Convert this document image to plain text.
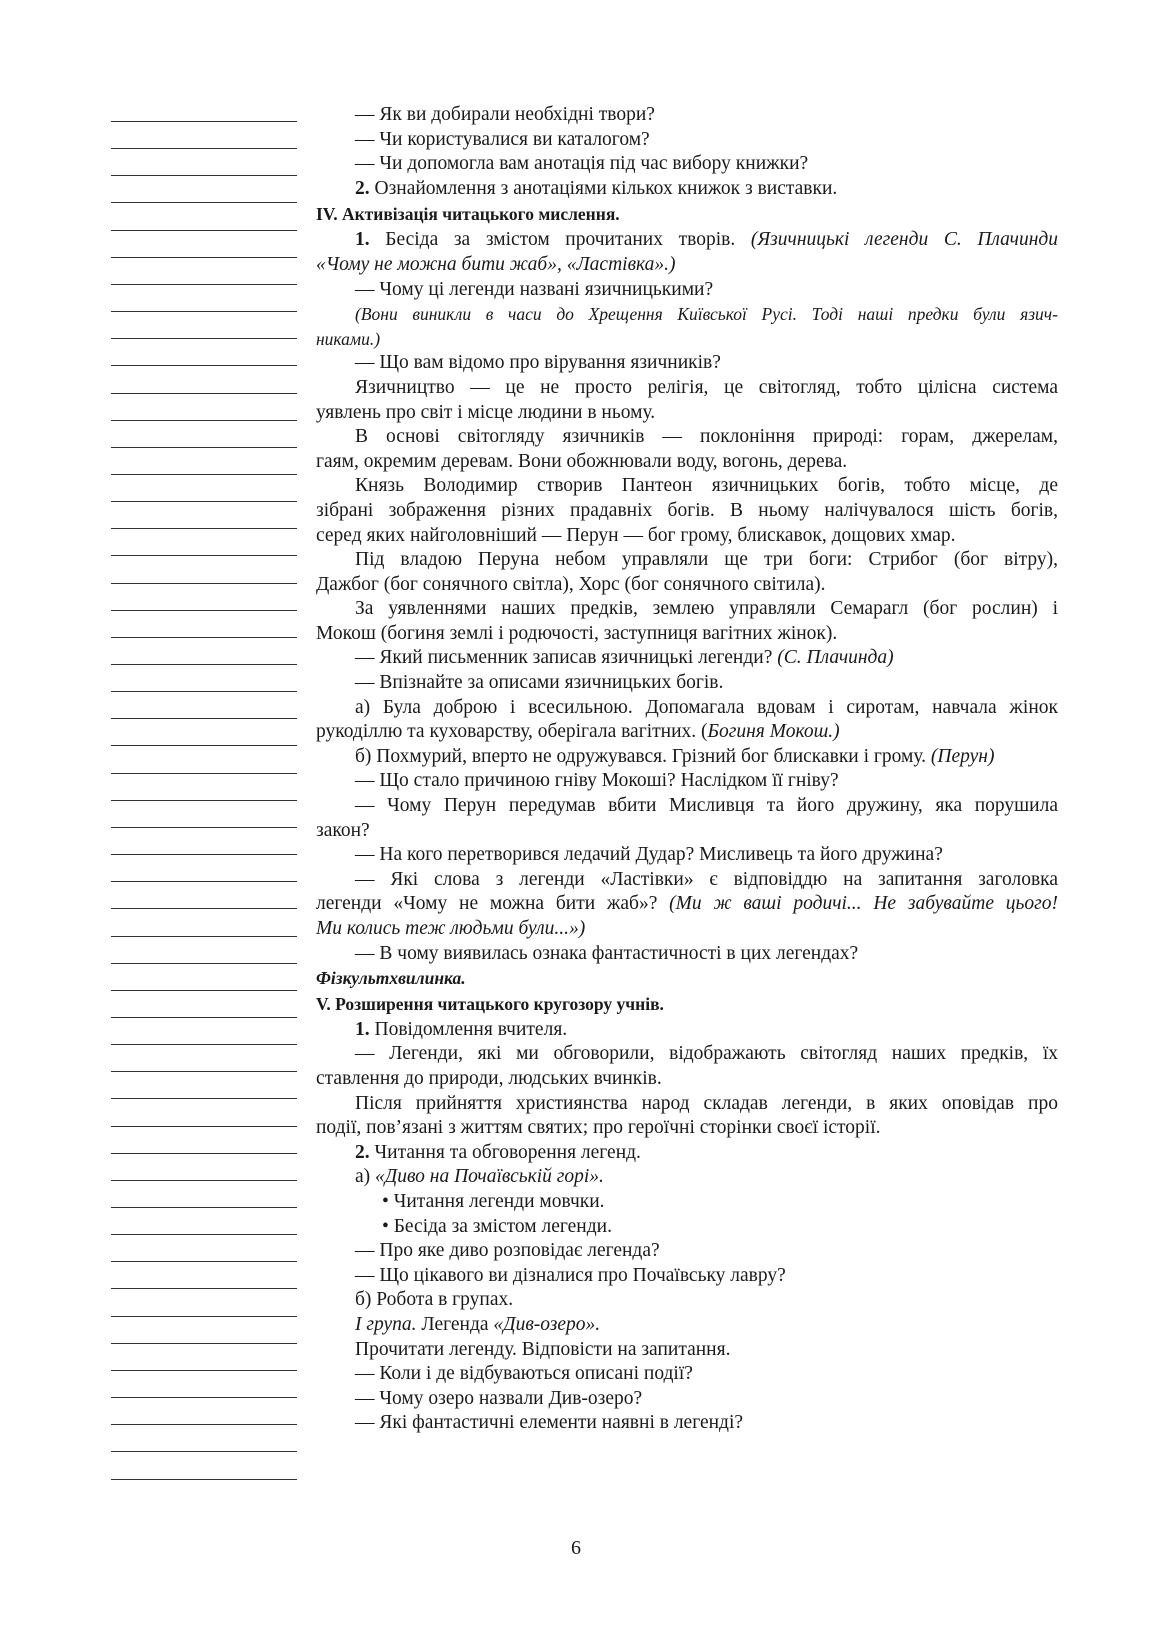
— Як ви добирали необхідні твори?
— Чи користувалися ви каталогом?
— Чи допомогла вам анотація під час вибору книжки?
2. Ознайомлення з анотаціями кількох книжок з виставки.
IV. Активізація читацького мислення.
1. Бесіда за змістом прочитаних творів. (Язичницькі легенди С. Плачинди
«Чому не можна бити жаб», «Ластівка».)
— Чому ці легенди названі язичницькими?
(Вони виникли в часи до Хрещення Київської Русі. Тоді наші предки були язич-
никами.)
— Що вам відомо про вірування язичників?
Язичництво — це не просто релігія, це світогляд, тобто цілісна система
уявлень про світ і місце людини в ньому.
В основі світогляду язичників — поклоніння природі: горам, джерелам,
гаям, окремим деревам. Вони обожнювали воду, вогонь, дерева.
Князь Володимир створив Пантеон язичницьких богів, тобто місце, де
зібрані зображення різних прадавніх богів. В ньому налічувалося шість богів,
серед яких найголовніший — Перун — бог грому, блискавок, дощових хмар.
Під владою Перуна небом управляли ще три боги: Стрибог (бог вітру),
Дажбог (бог сонячного світла), Хорс (бог сонячного світила).
За уявленнями наших предків, землею управляли Семарагл (бог рослин) і
Мокош (богиня землі і родючості, заступниця вагітних жінок).
— Який письменник записав язичницькі легенди? (С. Плачинда)
— Впізнайте за описами язичницьких богів.
а) Була доброю і всесильною. Допомагала вдовам і сиротам, навчала жінок
рукоділлю та куховарству, оберігала вагітних. (Богиня Мокош.)
б) Похмурий, вперто не одружувався. Грізний бог блискавки і грому. (Перун)
— Що стало причиною гніву Мокоші? Наслідком її гніву?
— Чому Перун передумав вбити Мисливця та його дружину, яка порушила
закон?
— На кого перетворився ледачий Дудар? Мисливець та його дружина?
— Які слова з легенди «Ластівки» є відповіддю на запитання заголовка
легенди «Чому не можна бити жаб»? (Ми ж ваші родичі... Не забувайте цього!
Ми колись теж людьми були...»)
— В чому виявилась ознака фантастичності в цих легендах?
Фізкультхвилинка.
V. Розширення читацького кругозору учнів.
1. Повідомлення вчителя.
— Легенди, які ми обговорили, відображають світогляд наших предків, їх
ставлення до природи, людських вчинків.
Після прийняття християнства народ складав легенди, в яких оповідав про
події, пов’язані з життям святих; про героїчні сторінки своєї історії.
2. Читання та обговорення легенд.
а) «Диво на Почаївській горі».
• Читання легенди мовчки.
• Бесіда за змістом легенди.
— Про яке диво розповідає легенда?
— Що цікавого ви дізналися про Почаївську лавру?
б) Робота в групах.
І група. Легенда «Див-озеро».
Прочитати легенду. Відповісти на запитання.
— Коли і де відбуваються описані події?
— Чому озеро назвали Див-озеро?
— Які фантастичні елементи наявні в легенді?
6
